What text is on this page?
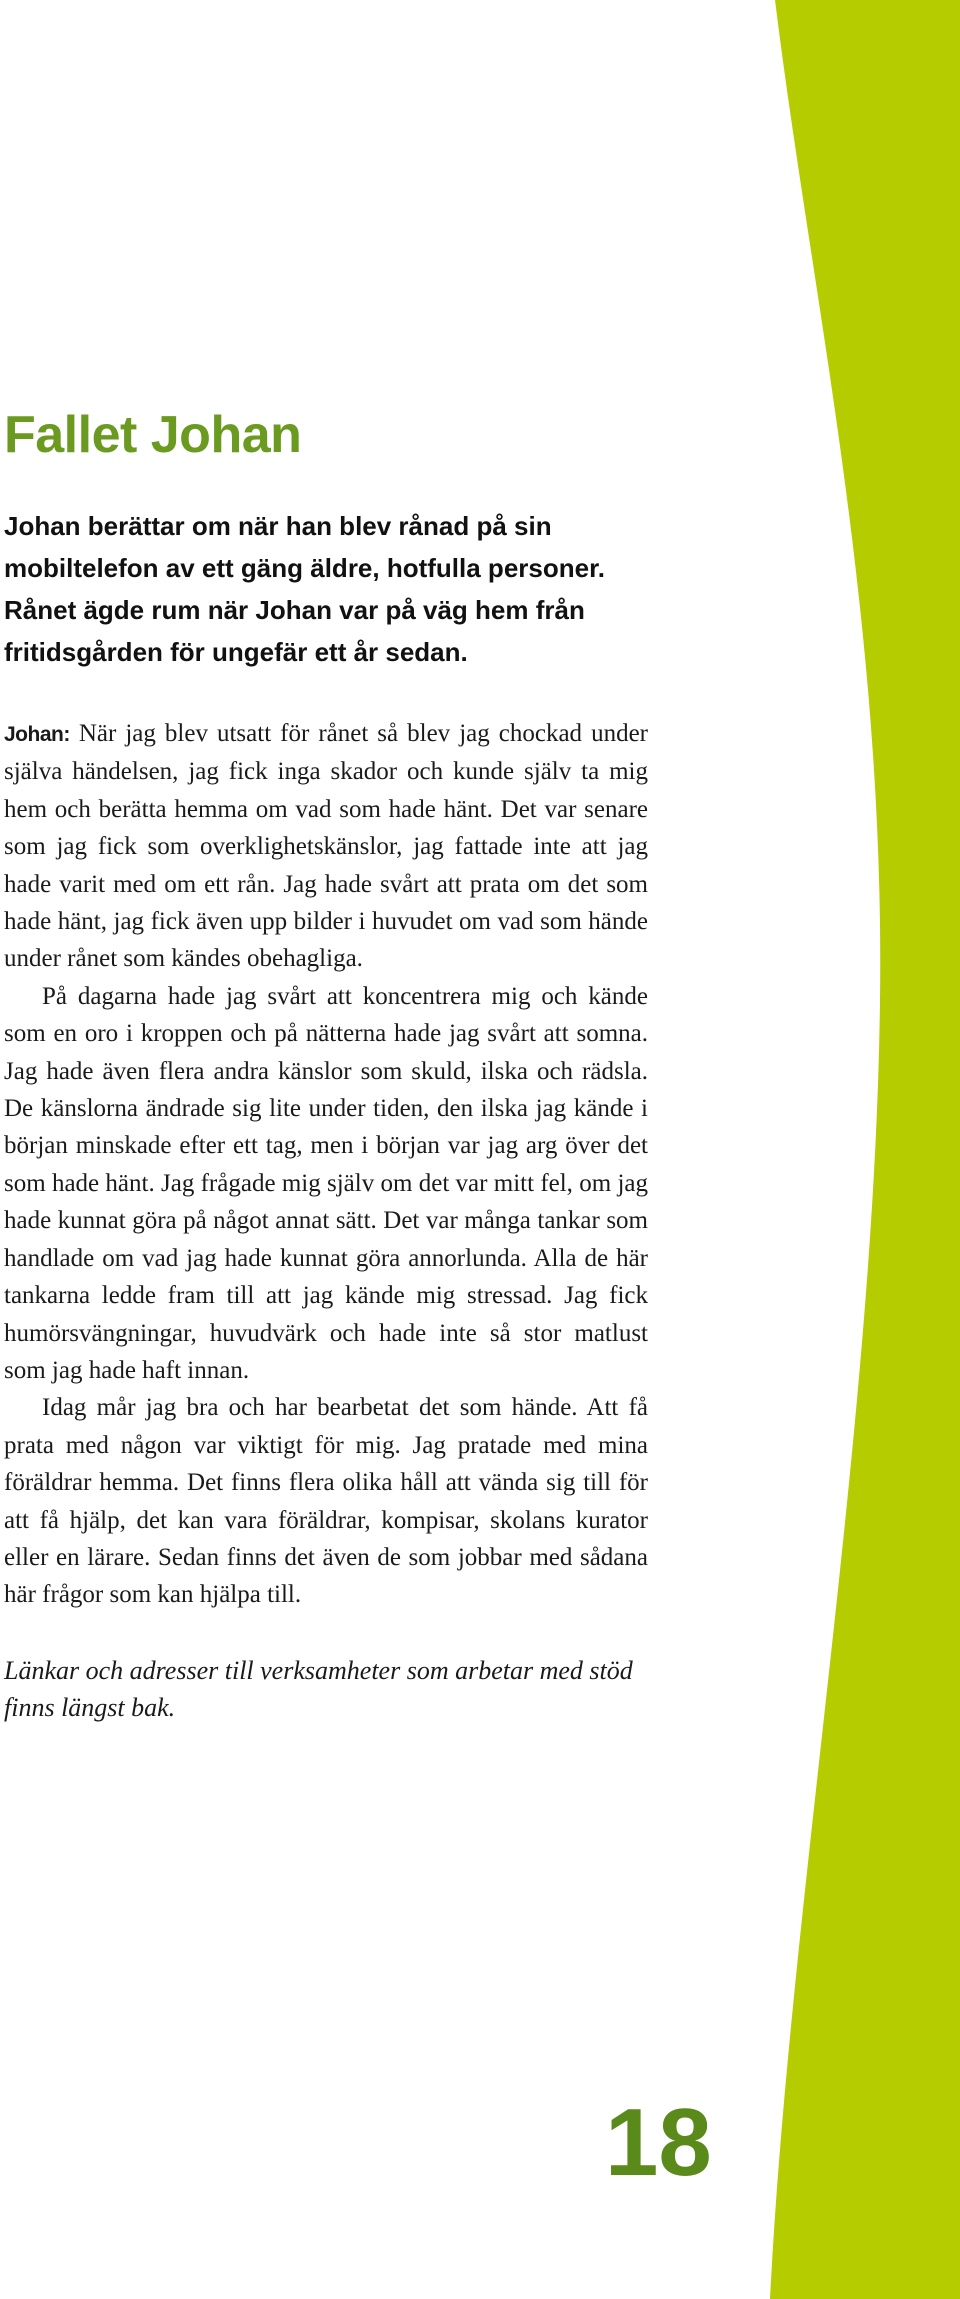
Fallet Johan

Johan berättar om när han blev rånad på sin mobiltelefon av ett gäng äldre, hotfulla personer. Rånet ägde rum när Johan var på väg hem från fritidsgården för ungefär ett år sedan.

Johan: När jag blev utsatt för rånet så blev jag chockad under själva händelsen, jag fick inga skador och kunde själv ta mig hem och berätta hemma om vad som hade hänt. Det var senare som jag fick som overklighetskänslor, jag fattade inte att jag hade varit med om ett rån. Jag hade svårt att prata om det som hade hänt, jag fick även upp bilder i huvudet om vad som hände under rånet som kändes obehagliga.

På dagarna hade jag svårt att koncentrera mig och kände som en oro i kroppen och på nätterna hade jag svårt att somna. Jag hade även flera andra känslor som skuld, ilska och rädsla. De känslorna ändrade sig lite under tiden, den ilska jag kände i början minskade efter ett tag, men i början var jag arg över det som hade hänt. Jag frågade mig själv om det var mitt fel, om jag hade kunnat göra på något annat sätt. Det var många tankar som handlade om vad jag hade kunnat göra annorlunda. Alla de här tankarna ledde fram till att jag kände mig stressad. Jag fick humörsvängningar, huvudvärk och hade inte så stor matlust som jag hade haft innan.

Idag mår jag bra och har bearbetat det som hände. Att få prata med någon var viktigt för mig. Jag pratade med mina föräldrar hemma. Det finns flera olika håll att vända sig till för att få hjälp, det kan vara föräldrar, kompisar, skolans kurator eller en lärare. Sedan finns det även de som jobbar med sådana här frågor som kan hjälpa till.

Länkar och adresser till verksamheter som arbetar med stöd finns längst bak.

18
